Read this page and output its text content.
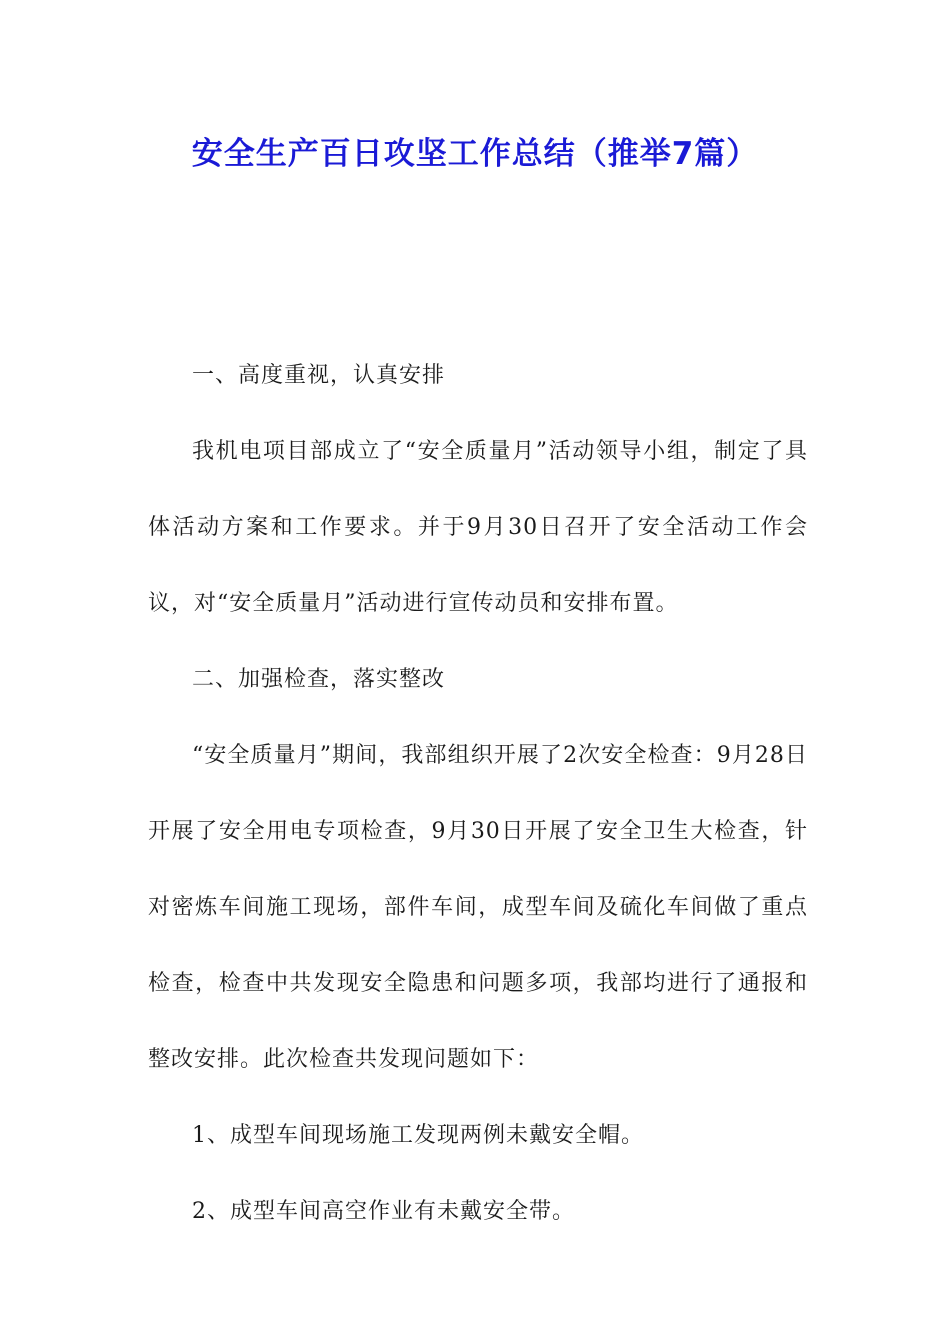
安全生产百日攻坚工作总结（推举7篇）

一、高度重视，认真安排

我机电项目部成立了“安全质量月”活动领导小组，制定了具体活动方案和工作要求。并于9月30日召开了安全活动工作会议，对“安全质量月”活动进行宣传动员和安排布置。

二、加强检查，落实整改

“安全质量月”期间，我部组织开展了2次安全检查：9月28日开展了安全用电专项检查，9月30日开展了安全卫生大检查，针对密炼车间施工现场，部件车间，成型车间及硫化车间做了重点检查，检查中共发现安全隐患和问题多项，我部均进行了通报和整改安排。此次检查共发现问题如下：

1、成型车间现场施工发现两例未戴安全帽。

2、成型车间高空作业有未戴安全带。
